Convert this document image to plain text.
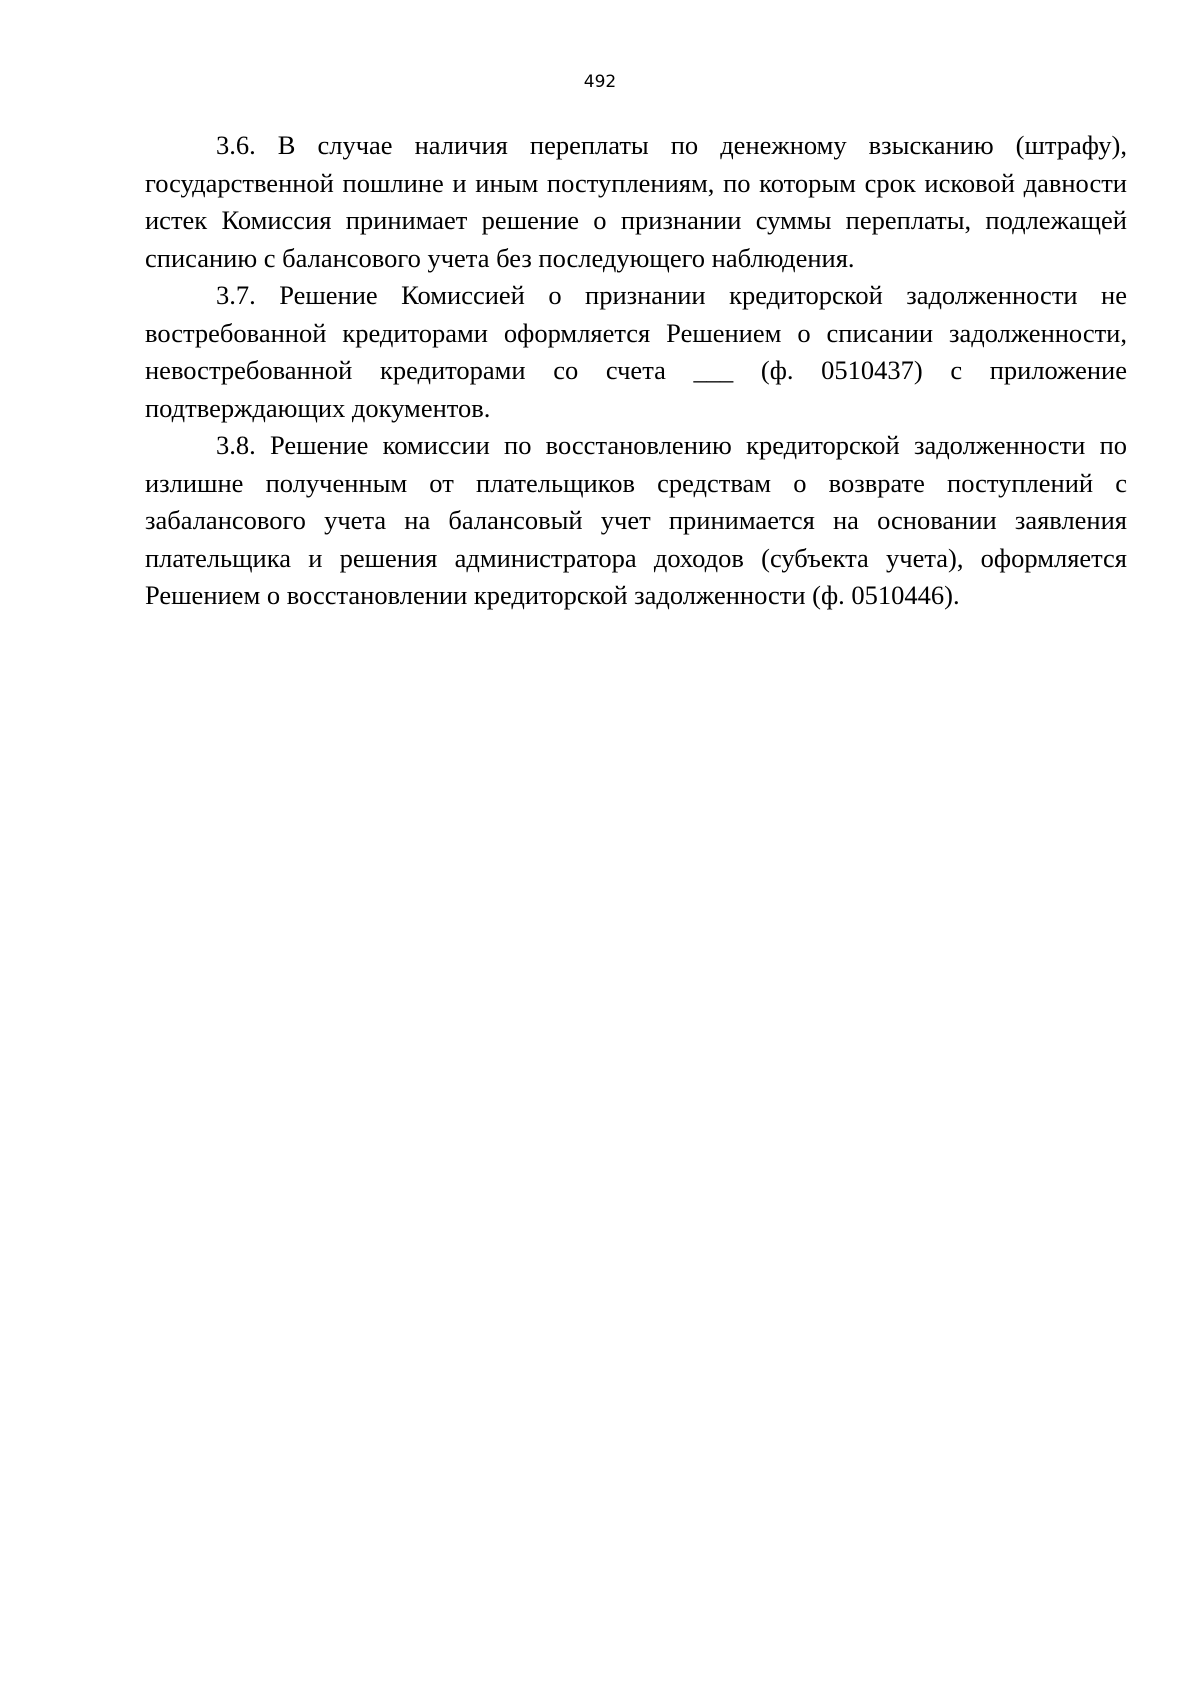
492

3.6. В случае наличия переплаты по денежному взысканию (штрафу), государственной пошлине и иным поступлениям, по которым срок исковой давности истек Комиссия принимает решение о признании суммы переплаты, подлежащей списанию с балансового учета без последующего наблюдения.

3.7. Решение Комиссией о признании кредиторской задолженности не востребованной кредиторами оформляется Решением о списании задолженности, невостребованной кредиторами со счета ___ (ф. 0510437) с приложение подтверждающих документов.

3.8. Решение комиссии по восстановлению кредиторской задолженности по излишне полученным от плательщиков средствам о возврате поступлений с забалансового учета на балансовый учет принимается на основании заявления плательщика и решения администратора доходов (субъекта учета), оформляется Решением о восстановлении кредиторской задолженности (ф. 0510446).
